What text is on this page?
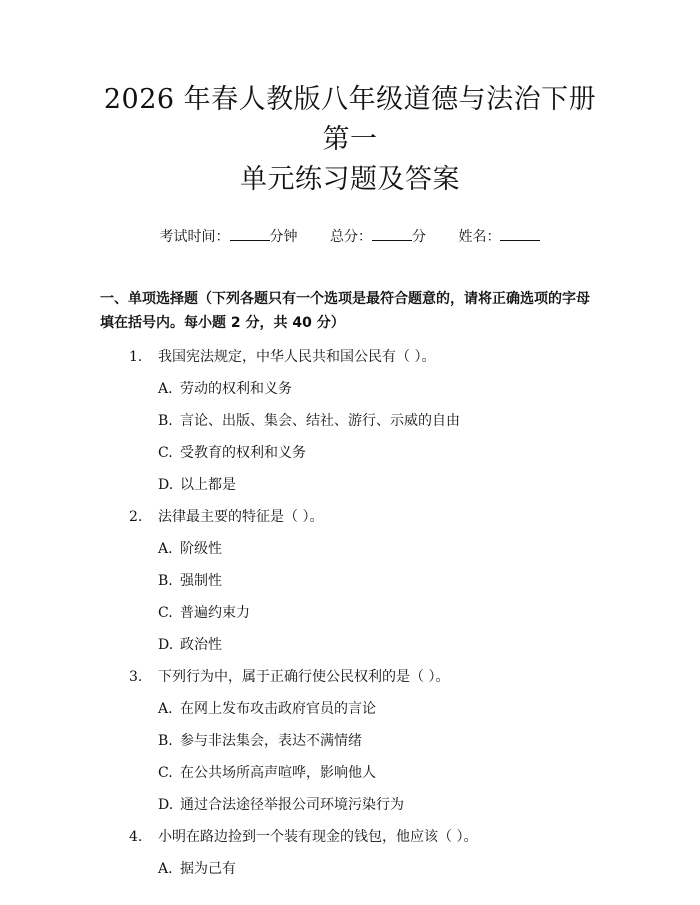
2026 年春人教版八年级道德与法治下册第一
单元练习题及答案
考试时间：	分钟 总分：	分 姓名：
一、单项选择题（下列各题只有一个选项是最符合题意的，请将正确选项的字母
填在括号内。每小题 2 分，共 40 分）
1.	我国宪法规定，中华人民共和国公民有（ ）。
A. 劳动的权利和义务
B. 言论、出版、集会、结社、游行、示威的自由
C. 受教育的权利和义务
D. 以上都是
2.	法律最主要的特征是（ ）。
A. 阶级性
B. 强制性
C. 普遍约束力
D. 政治性
3.	下列行为中，属于正确行使公民权利的是（ ）。
A. 在网上发布攻击政府官员的言论
B. 参与非法集会，表达不满情绪
C. 在公共场所高声喧哗，影响他人
D. 通过合法途径举报公司环境污染行为
4.	小明在路边捡到一个装有现金的钱包，他应该（ ）。
A. 据为己有
